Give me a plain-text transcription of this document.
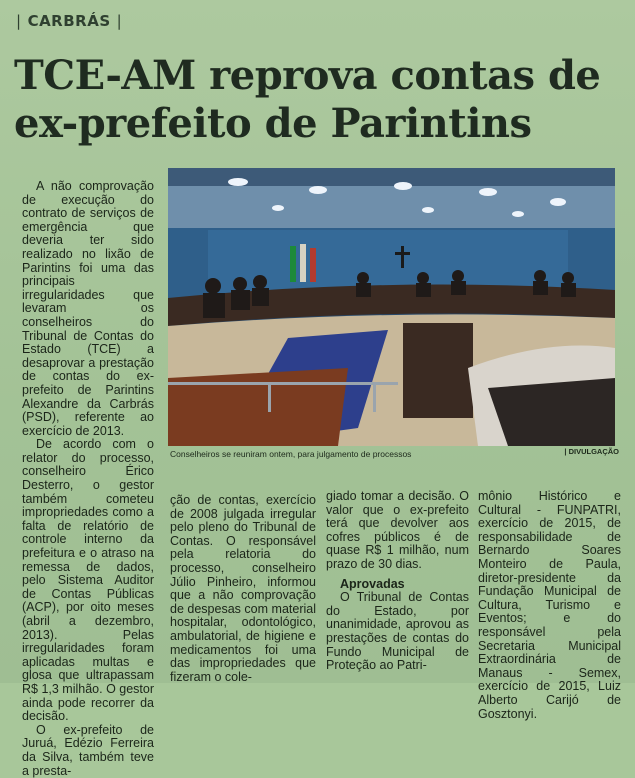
| CARBRÁS |
TCE-AM reprova contas de ex-prefeito de Parintins

A não comprovação de execução do contrato de serviços de emergência que deveria ter sido realizado no lixão de Parintins foi uma das principais irregularidades que levaram os conselheiros do Tribunal de Contas do Estado (TCE) a desaprovar a prestação de contas do ex-prefeito de Parintins Alexandre da Carbrás (PSD), referente ao exercício de 2013.

De acordo com o relator do processo, conselheiro Érico Desterro, o gestor também cometeu impropriedades como a falta de relatório de controle interno da prefeitura e o atraso na remessa de dados, pelo Sistema Auditor de Contas Públicas (ACP), por oito meses (abril a dezembro, 2013). Pelas irregularidades foram aplicadas multas e glosa que ultrapassam R$ 1,3 milhão. O gestor ainda pode recorrer da decisão.

O ex-prefeito de Juruá, Edézio Ferreira da Silva, também teve a presta-

Conselheiros se reuniram ontem, para julgamento de processos	| DIVULGAÇÃO

ção de contas, exercício de 2008 julgada irregular pelo pleno do Tribunal de Contas. O responsável pela relatoria do processo, conselheiro Júlio Pinheiro, informou que a não comprovação de despesas com material hospitalar, odontológico, ambulatorial, de higiene e medicamentos foi uma das impropriedades que fizeram o cole-

giado tomar a decisão. O valor que o ex-prefeito terá que devolver aos cofres públicos é de quase R$ 1 milhão, num prazo de 30 dias.

Aprovadas

O Tribunal de Contas do Estado, por unanimidade, aprovou as prestações de contas do Fundo Municipal de Proteção ao Patri-

mônio Histórico e Cultural - FUNPATRI, exercício de 2015, de responsabilidade de Bernardo Soares Monteiro de Paula, diretor-presidente da Fundação Municipal de Cultura, Turismo e Eventos; e do responsável pela Secretaria Municipal Extraordinária de Manaus - Semex, exercício de 2015, Luiz Alberto Carijó de Gosztonyi.
